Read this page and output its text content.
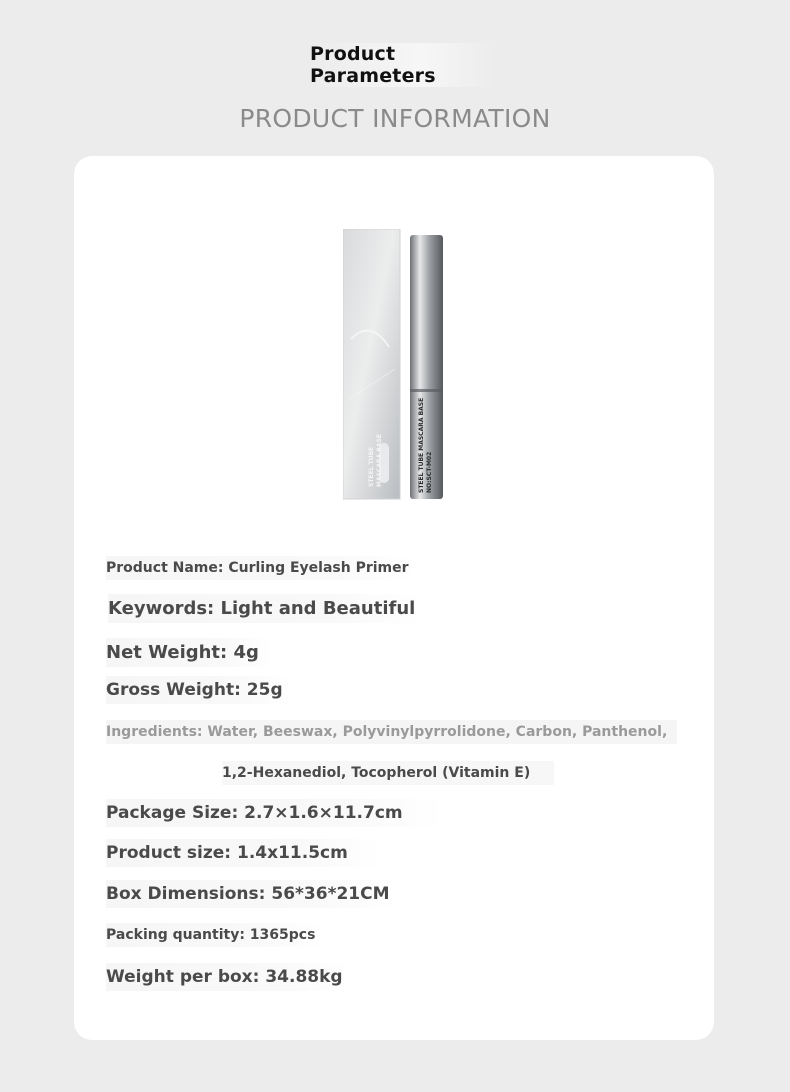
Product
Parameters
PRODUCT INFORMATION
STEEL TUBE MASCARA BASE	STEEL TUBE MASCARA BASE NO:SCT-M02
Product Name: Curling Eyelash Primer
Keywords: Light and Beautiful
Net Weight: 4g
Gross Weight: 25g
Ingredients: Water, Beeswax, Polyvinylpyrrolidone, Carbon, Panthenol,
1,2-Hexanediol, Tocopherol (Vitamin E)
Package Size: 2.7×1.6×11.7cm
Product size: 1.4x11.5cm
Box Dimensions: 56*36*21CM
Packing quantity: 1365pcs
Weight per box: 34.88kg
